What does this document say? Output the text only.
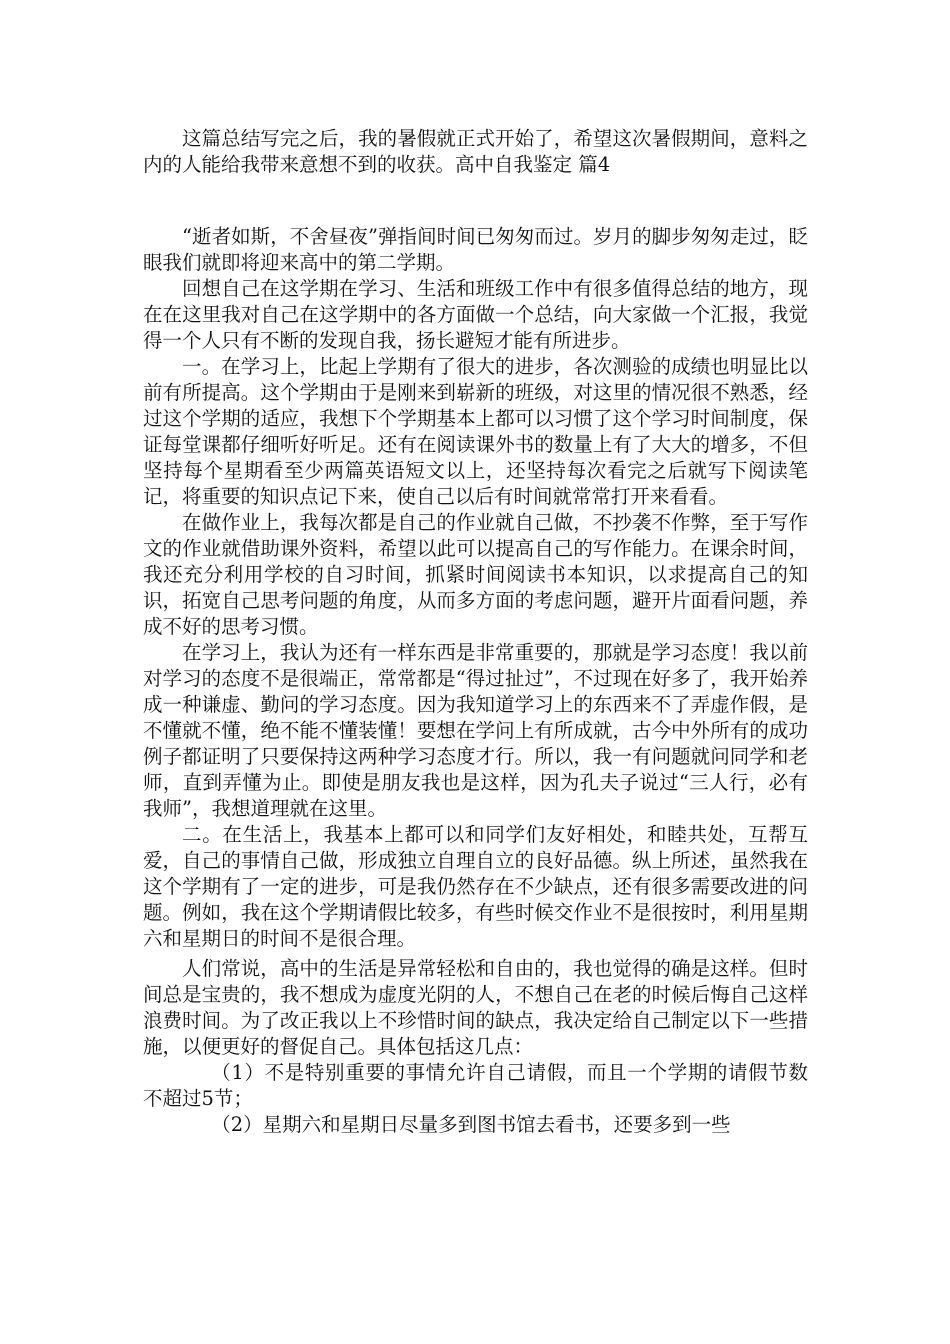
这篇总结写完之后，我的暑假就正式开始了，希望这次暑假期间，意料之内的人能给我带来意想不到的收获。高中自我鉴定 篇4

“逝者如斯，不舍昼夜”弹指间时间已匆匆而过。岁月的脚步匆匆走过，眨眼我们就即将迎来高中的第二学期。

回想自己在这学期在学习、生活和班级工作中有很多值得总结的地方，现在在这里我对自己在这学期中的各方面做一个总结，向大家做一个汇报，我觉得一个人只有不断的发现自我，扬长避短才能有所进步。

一。在学习上，比起上学期有了很大的进步，各次测验的成绩也明显比以前有所提高。这个学期由于是刚来到崭新的班级，对这里的情况很不熟悉，经过这个学期的适应，我想下个学期基本上都可以习惯了这个学习时间制度，保证每堂课都仔细听好听足。还有在阅读课外书的数量上有了大大的增多，不但坚持每个星期看至少两篇英语短文以上，还坚持每次看完之后就写下阅读笔记，将重要的知识点记下来，使自己以后有时间就常常打开来看看。

在做作业上，我每次都是自己的作业就自己做，不抄袭不作弊，至于写作文的作业就借助课外资料，希望以此可以提高自己的写作能力。在课余时间，我还充分利用学校的自习时间，抓紧时间阅读书本知识，以求提高自己的知识，拓宽自己思考问题的角度，从而多方面的考虑问题，避开片面看问题，养成不好的思考习惯。

在学习上，我认为还有一样东西是非常重要的，那就是学习态度！我以前对学习的态度不是很端正，常常都是“得过扯过”，不过现在好多了，我开始养成一种谦虚、勤问的学习态度。因为我知道学习上的东西来不了弄虚作假，是不懂就不懂，绝不能不懂装懂！要想在学问上有所成就，古今中外所有的成功例子都证明了只要保持这两种学习态度才行。所以，我一有问题就问同学和老师，直到弄懂为止。即使是朋友我也是这样，因为孔夫子说过“三人行，必有我师”，我想道理就在这里。

二。在生活上，我基本上都可以和同学们友好相处，和睦共处，互帮互爱，自己的事情自己做，形成独立自理自立的良好品德。纵上所述，虽然我在这个学期有了一定的进步，可是我仍然存在不少缺点，还有很多需要改进的问题。例如，我在这个学期请假比较多，有些时候交作业不是很按时，利用星期六和星期日的时间不是很合理。

人们常说，高中的生活是异常轻松和自由的，我也觉得的确是这样。但时间总是宝贵的，我不想成为虚度光阴的人，不想自己在老的时候后悔自己这样浪费时间。为了改正我以上不珍惜时间的缺点，我决定给自己制定以下一些措施，以便更好的督促自己。具体包括这几点：

（1）不是特别重要的事情允许自己请假，而且一个学期的请假节数不超过5节；

（2）星期六和星期日尽量多到图书馆去看书，还要多到一些
